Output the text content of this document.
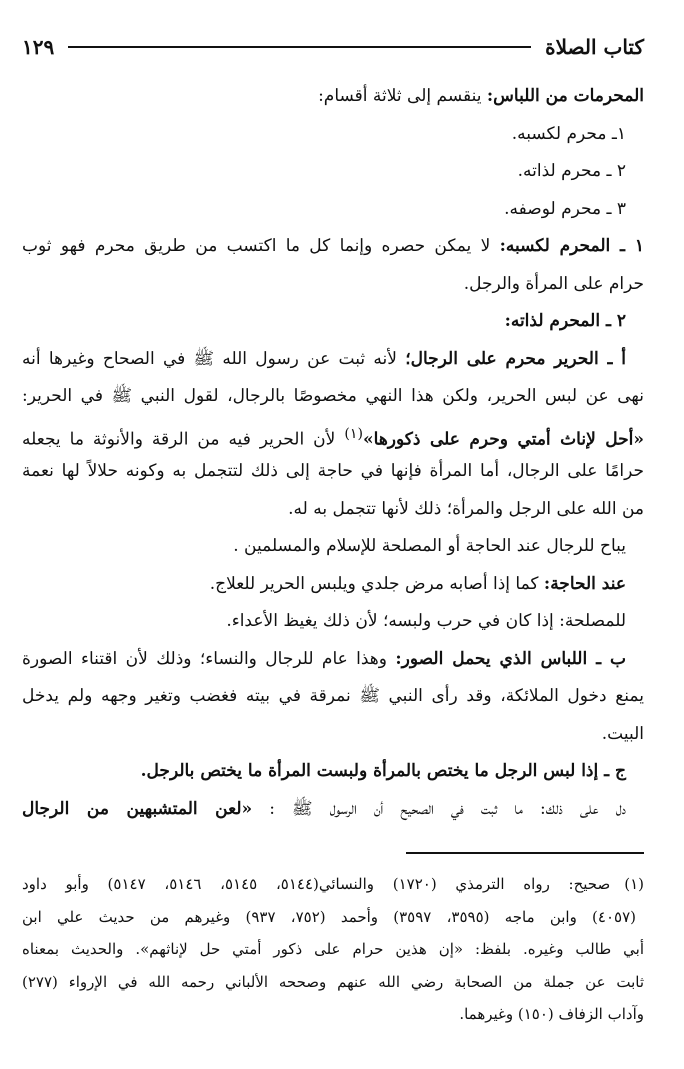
كتاب الصلاة
١٢٩
المحرمات من اللباس: ينقسم إلى ثلاثة أقسام:
١ـ محرم لكسبه.
٢ ـ محرم لذاته.
٣ ـ محرم لوصفه.
١ ـ المحرم لكسبه: لا يمكن حصره وإنما كل ما اكتسب من طريق محرم فهو ثوب
حرام على المرأة والرجل.
٢ ـ المحرم لذاته:
أ ـ الحرير محرم على الرجال؛ لأنه ثبت عن رسول الله ﷺ في الصحاح وغيرها أنه
نهى عن لبس الحرير، ولكن هذا النهي مخصوصًا بالرجال، لقول النبي ﷺ في الحرير:
«أحل لإناث أمتي وحرم على ذكورها»$^{(١)}$ لأن الحرير فيه من الرقة والأنوثة ما يجعله
حرامًا على الرجال، أما المرأة فإنها في حاجة إلى ذلك لتتجمل به وكونه حلالاً لها نعمة
من الله على الرجل والمرأة؛ ذلك لأنها تتجمل به له.
يباح للرجال عند الحاجة أو المصلحة للإسلام والمسلمين .
عند الحاجة: كما إذا أصابه مرض جلدي ويلبس الحرير للعلاج.
للمصلحة: إذا كان في حرب ولبسه؛ لأن ذلك يغيظ الأعداء.
ب ـ اللباس الذي يحمل الصور: وهذا عام للرجال والنساء؛ وذلك لأن اقتناء الصورة
يمنع دخول الملائكة، وقد رأى النبي ﷺ نمرقة في بيته فغضب وتغير وجهه ولم يدخل
البيت.
ج ـ إذا لبس الرجل ما يختص بالمرأة ولبست المرأة ما يختص بالرجل.
دل على ذلك: ما ثبت في الصحيح أن الرسول ﷺ : «لعن المتشبهين من الرجال
(١)صحيح: رواه الترمذي (١٧٢٠) والنسائي(٥١٤٤، ٥١٤٥، ٥١٤٦، ٥١٤٧) وأبو داود
(٤٠٥٧) وابن ماجه (٣٥٩٥، ٣٥٩٧) وأحمد (٧٥٢، ٩٣٧) وغيرهم من حديث علي ابن
أبي طالب وغيره. بلفظ: «إن هذين حرام على ذكور أمتي حل لإناثهم». والحديث بمعناه
ثابت عن جملة من الصحابة رضي الله عنهم وصححه الألباني رحمه الله في الإرواء (٢٧٧)
وآداب الزفاف (١٥٠) وغيرهما.
